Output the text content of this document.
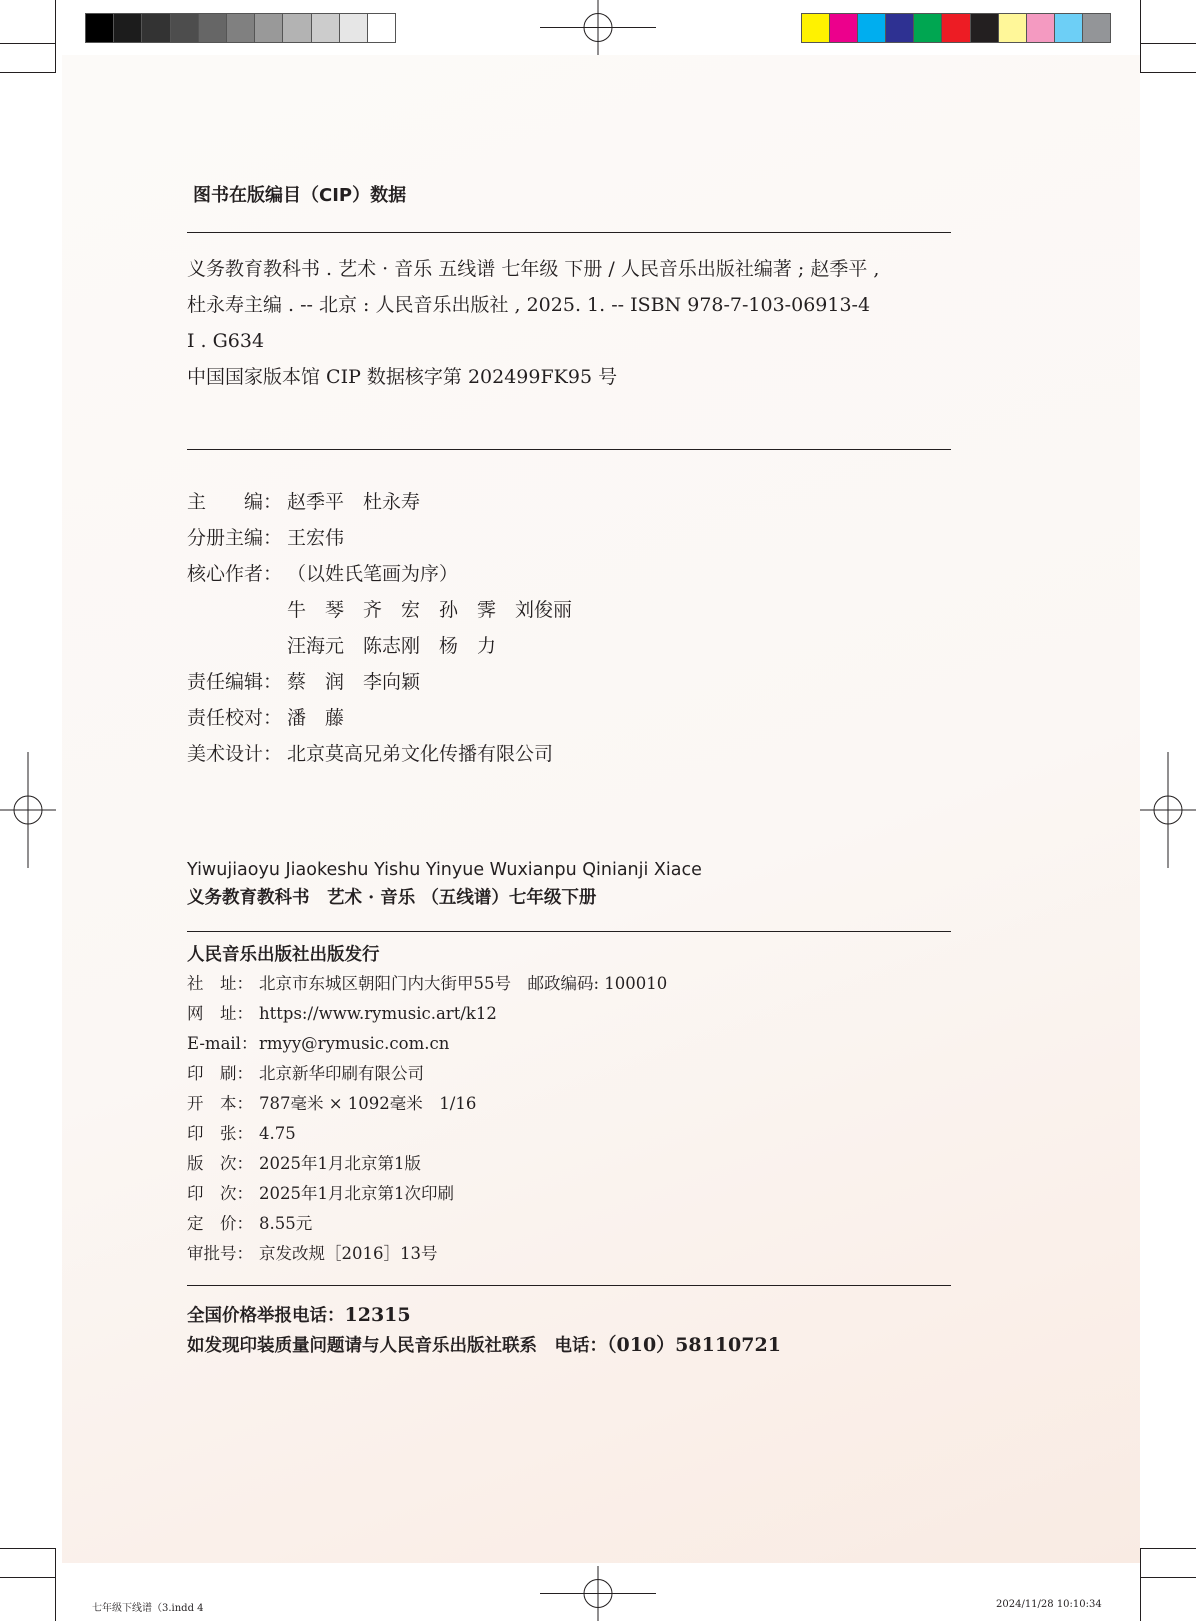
图书在版编目（CIP）数据
义务教育教科书 . 艺术 · 音乐 五线谱 七年级 下册 / 人民音乐出版社编著 ; 赵季平 ,
杜永寿主编 . -- 北京 : 人民音乐出版社 , 2025. 1. -- ISBN 978-7-103-06913-4
Ⅰ . G634
中国国家版本馆 CIP 数据核字第 202499FK95 号
主　　编： 赵季平　杜永寿
分册主编： 王宏伟
核心作者： （以姓氏笔画为序）
牛　琴　齐　宏　孙　霁　刘俊丽
汪海元　陈志刚　杨　力
责任编辑： 蔡　润　李向颖
责任校对： 潘　藤
美术设计： 北京莫高兄弟文化传播有限公司
Yiwujiaoyu Jiaokeshu Yishu Yinyue Wuxianpu Qinianji Xiace
义务教育教科书　艺术 · 音乐 （五线谱）七年级下册
人民音乐出版社出版发行
社　址： 北京市东城区朝阳门内大街甲55号　邮政编码: 100010
网　址： https://www.rymusic.art/k12
E-mail： rmyy@rymusic.com.cn
印　刷： 北京新华印刷有限公司
开　本： 787毫米 × 1092毫米　1/16
印　张： 4.75
版　次： 2025年1月北京第1版
印　次： 2025年1月北京第1次印刷
定　价： 8.55元
审批号： 京发改规［2016］13号
全国价格举报电话：12315
如发现印装质量问题请与人民音乐出版社联系　电话：（010）58110721
七年级下线谱（3.indd 4	2024/11/28 10:10:34
